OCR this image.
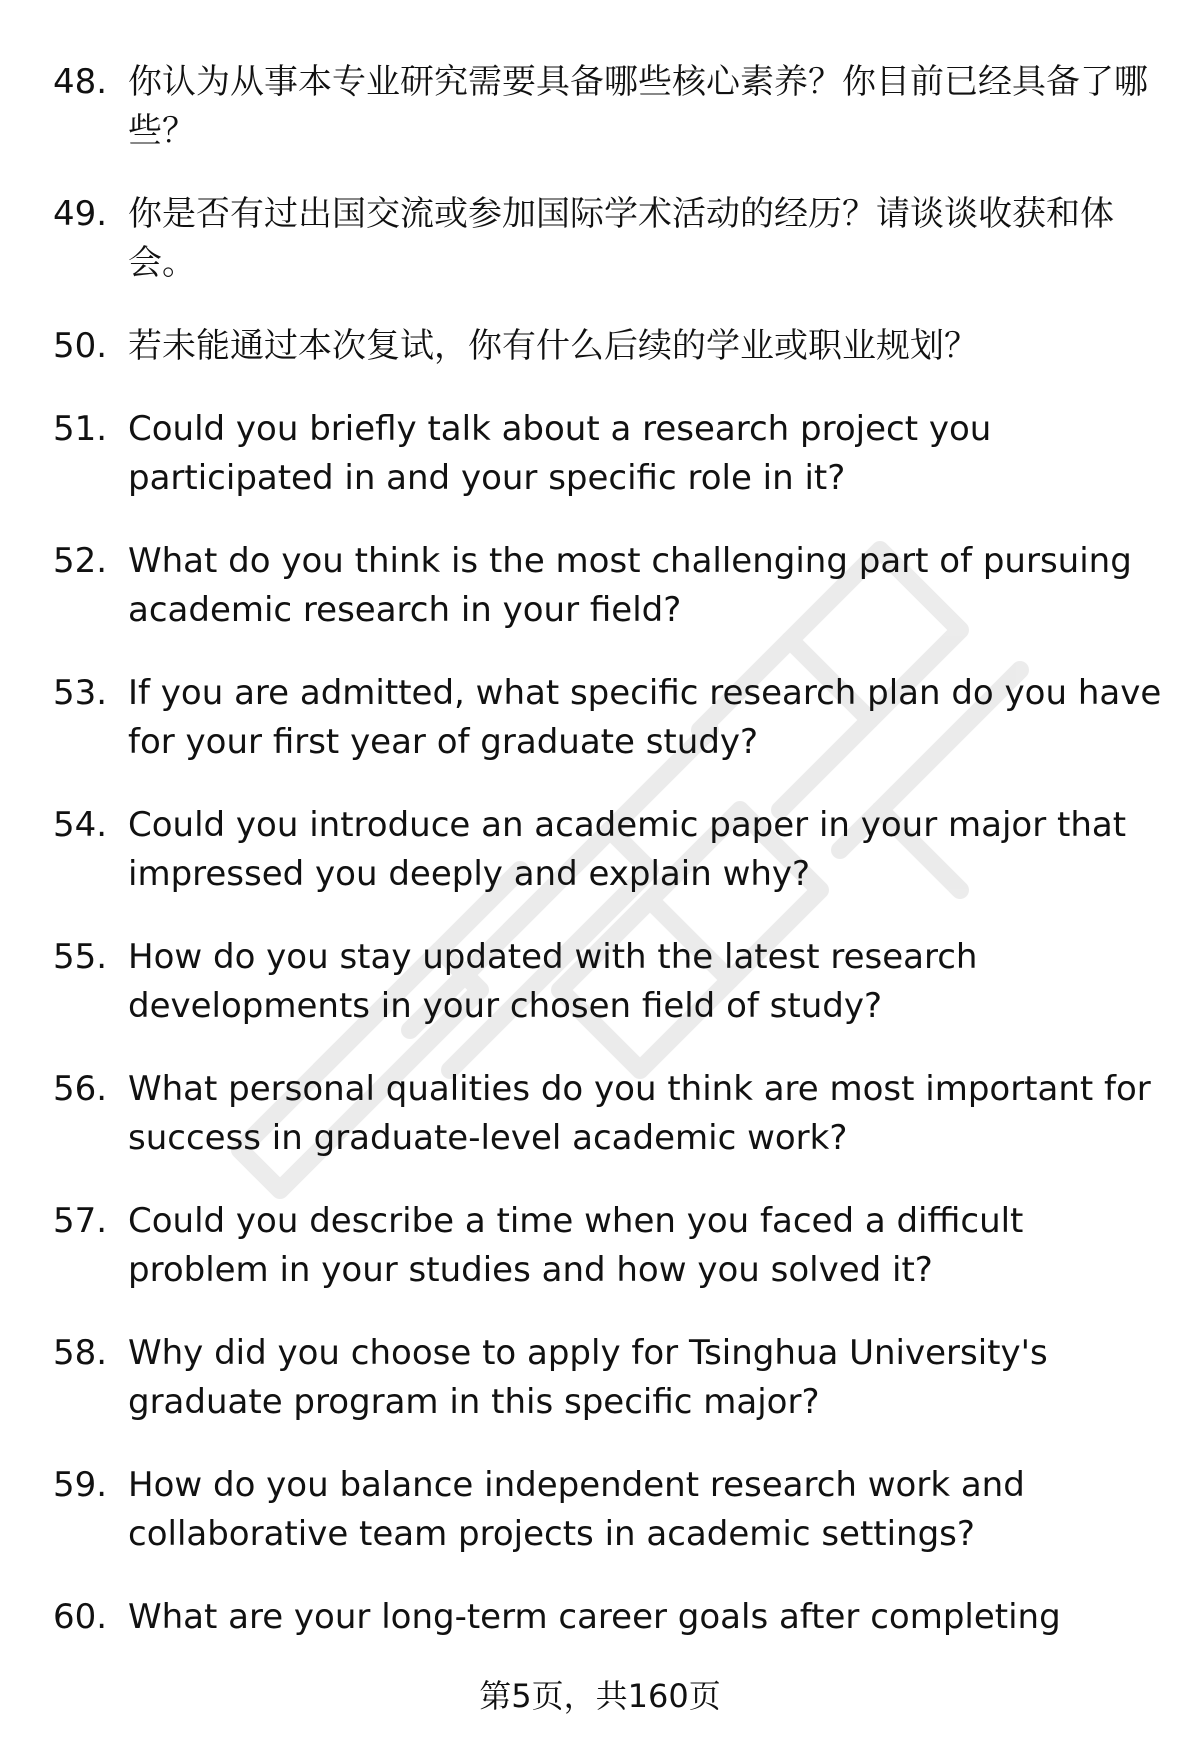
48. 你认为从事本专业研究需要具备哪些核心素养？你目前已经具备了哪些？
49. 你是否有过出国交流或参加国际学术活动的经历？请谈谈收获和体会。
50. 若未能通过本次复试，你有什么后续的学业或职业规划？
51. Could you briefly talk about a research project you participated in and your specific role in it?
52. What do you think is the most challenging part of pursuing academic research in your field?
53. If you are admitted, what specific research plan do you have for your first year of graduate study?
54. Could you introduce an academic paper in your major that impressed you deeply and explain why?
55. How do you stay updated with the latest research developments in your chosen field of study?
56. What personal qualities do you think are most important for success in graduate-level academic work?
57. Could you describe a time when you faced a difficult problem in your studies and how you solved it?
58. Why did you choose to apply for Tsinghua University's graduate program in this specific major?
59. How do you balance independent research work and collaborative team projects in academic settings?
60. What are your long-term career goals after completing
第5页，共160页
